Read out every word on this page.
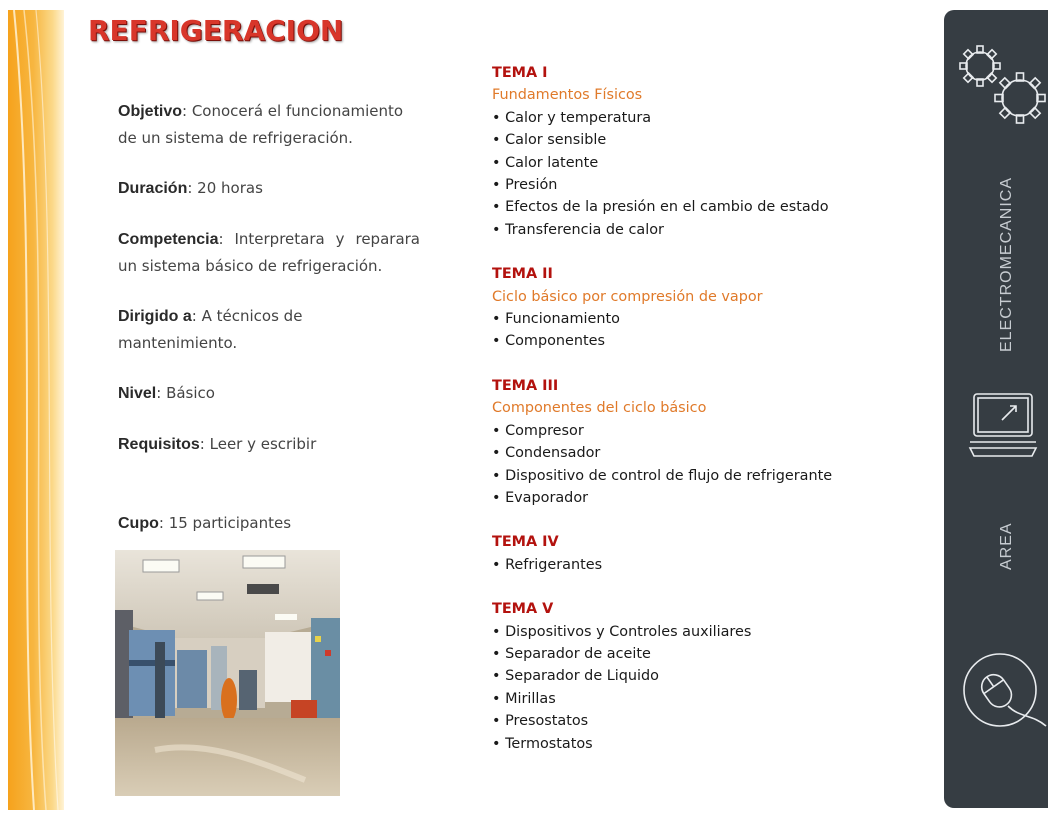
REFRIGERACION
Objetivo: Conocerá el funcionamiento de un sistema de refrigeración.
Duración: 20 horas
Competencia: Interpretara y reparara un sistema básico de refrigeración.
Dirigido a: A técnicos de mantenimiento.
Nivel: Básico
Requisitos: Leer y escribir
Cupo: 15 participantes
TEMA I
Fundamentos Físicos
• Calor y temperatura
• Calor sensible
• Calor latente
• Presión
• Efectos de la presión en el cambio de estado
• Transferencia de calor
TEMA II
Ciclo básico por compresión de vapor
• Funcionamiento
• Componentes
TEMA III
Componentes del ciclo básico
• Compresor
• Condensador
• Dispositivo de control de flujo de refrigerante
• Evaporador
TEMA IV
• Refrigerantes
TEMA V
• Dispositivos y Controles auxiliares
• Separador de aceite
• Separador de Liquido
• Mirillas
• Presostatos
• Termostatos
ELECTROMECANICA
AREA
